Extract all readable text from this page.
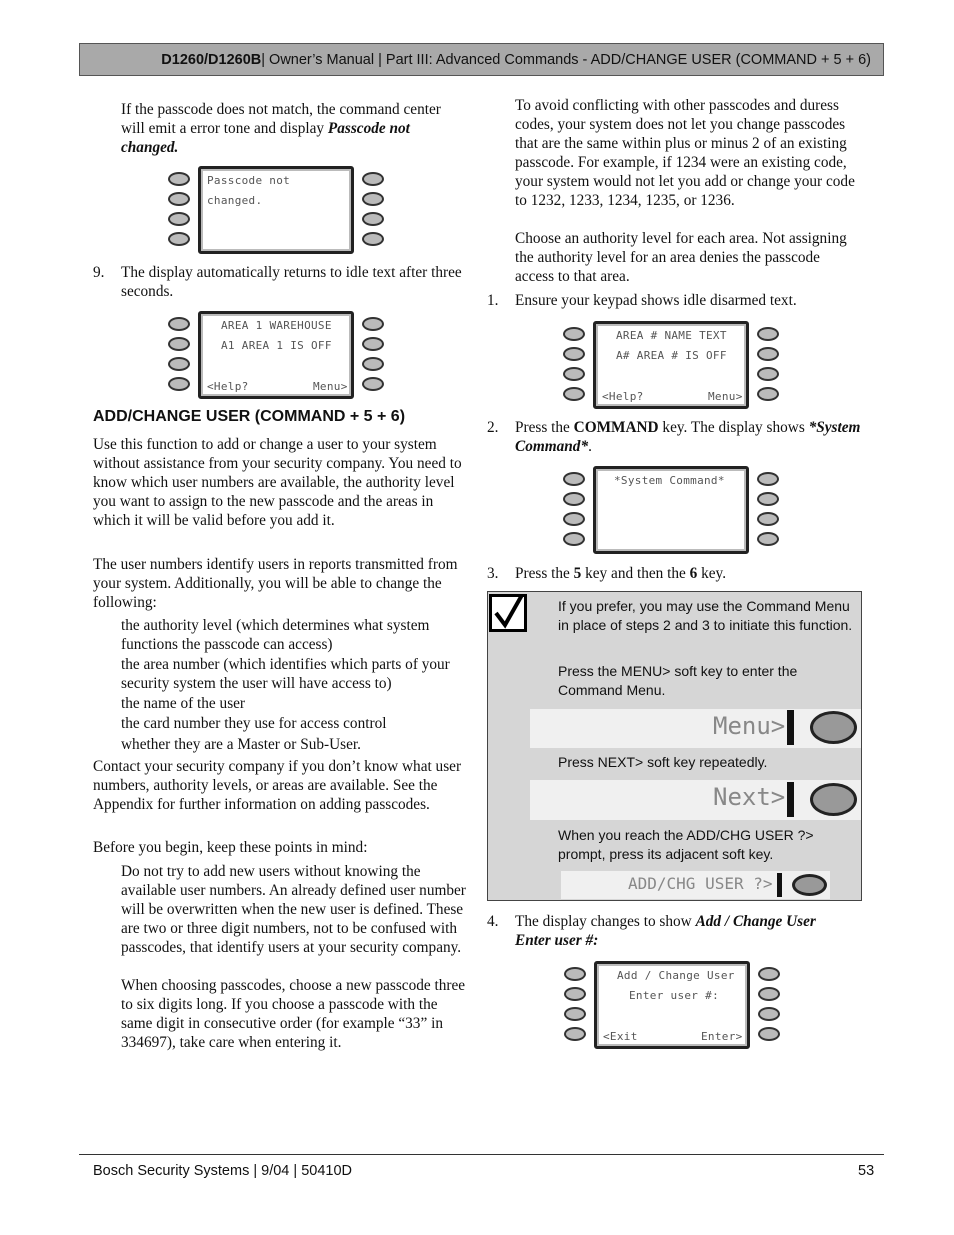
D1260/D1260B | Owner’s Manual | Part III: Advanced Commands - ADD/CHANGE USER (COMMAND + 5 + 6)

If the passcode does not match, the command center will emit a error tone and display Passcode not changed.

Passcode not
changed.
9. The display automatically returns to idle text after three seconds.

AREA 1 WAREHOUSE
A1 AREA 1 IS OFF
<Help?	Menu>
ADD/CHANGE USER (COMMAND + 5 + 6)

Use this function to add or change a user to your system without assistance from your security company. You need to know which user numbers are available, the authority level you want to assign to the new passcode and the areas in which it will be valid before you add it.

The user numbers identify users in reports transmitted from your system. Additionally, you will be able to change the following:

the authority level (which determines what system functions the passcode can access)

the area number (which identifies which parts of your security system the user will have access to)

the name of the user

the card number they use for access control

whether they are a Master or Sub-User.

Contact your security company if you don’t know what user numbers, authority levels, or areas are available. See the Appendix for further information on adding passcodes.

Before you begin, keep these points in mind:

Do not try to add new users without knowing the available user numbers. An already defined user number will be overwritten when the new user is defined. These are two or three digit numbers, not to be confused with passcodes, that identify users at your security company.

When choosing passcodes, choose a new passcode three to six digits long. If you choose a passcode with the same digit in consecutive order (for example “33” in 334697), take care when entering it.

To avoid conflicting with other passcodes and duress codes, your system does not let you change passcodes that are the same within plus or minus 2 of an existing passcode. For example, if 1234 were an existing code, your system would not let you add or change your code to 1232, 1233, 1234, 1235, or 1236.

Choose an authority level for each area. Not assigning the authority level for an area denies the passcode access to that area.

1. Ensure your keypad shows idle disarmed text.

AREA # NAME TEXT
A# AREA # IS OFF
<Help?	Menu>
2. Press the COMMAND key. The display shows *System Command*.

*System Command*
3. Press the 5 key and then the 6 key.

If you prefer, you may use the Command Menu in place of steps 2 and 3 to initiate this function.

Press the MENU> soft key to enter the Command Menu.

Menu>

Press NEXT> soft key repeatedly.

Next>

When you reach the ADD/CHG USER ?> prompt, press its adjacent soft key.

ADD/CHG USER ?>
4. The display changes to show Add / Change User
Enter user #:

Add / Change User
Enter user #:
<Exit	Enter>
Bosch Security Systems | 9/04 | 50410D	53
